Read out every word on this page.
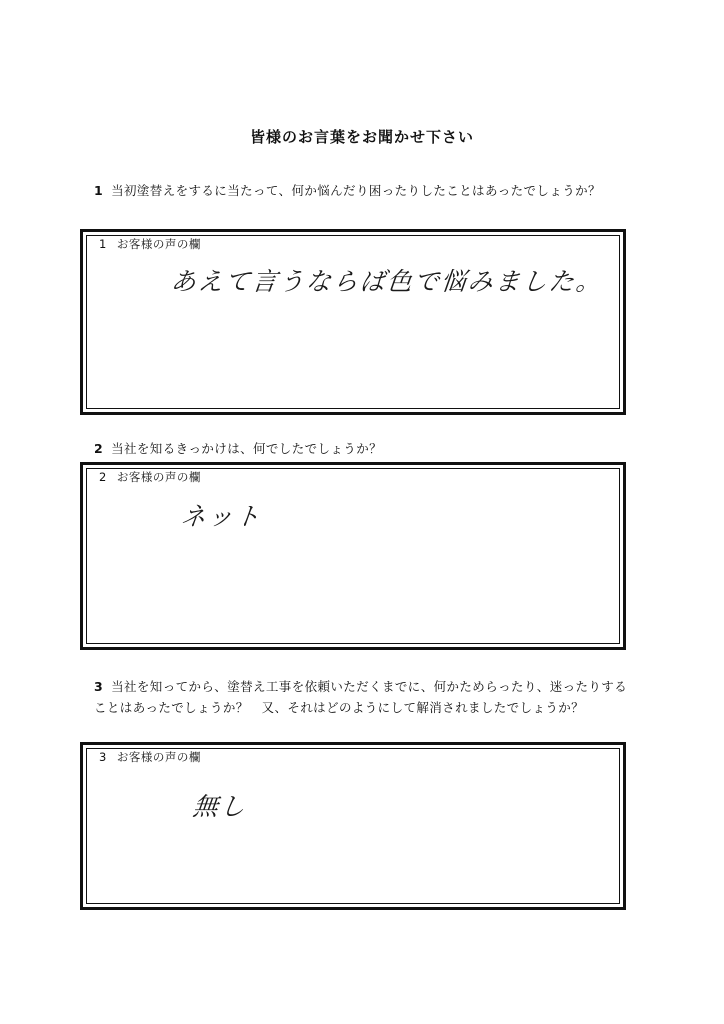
皆様のお言葉をお聞かせ下さい
1 当初塗替えをするに当たって、何か悩んだり困ったりしたことはあったでしょうか？
1 お客様の声の欄
あえて言うならば色で悩みました。
2 当社を知るきっかけは、何でしたでしょうか？
2 お客様の声の欄
ネット
3 当社を知ってから、塗替え工事を依頼いただくまでに、何かためらったり、迷ったりすることはあったでしょうか？　又、それはどのようにして解消されましたでしょうか？
3 お客様の声の欄
無し
